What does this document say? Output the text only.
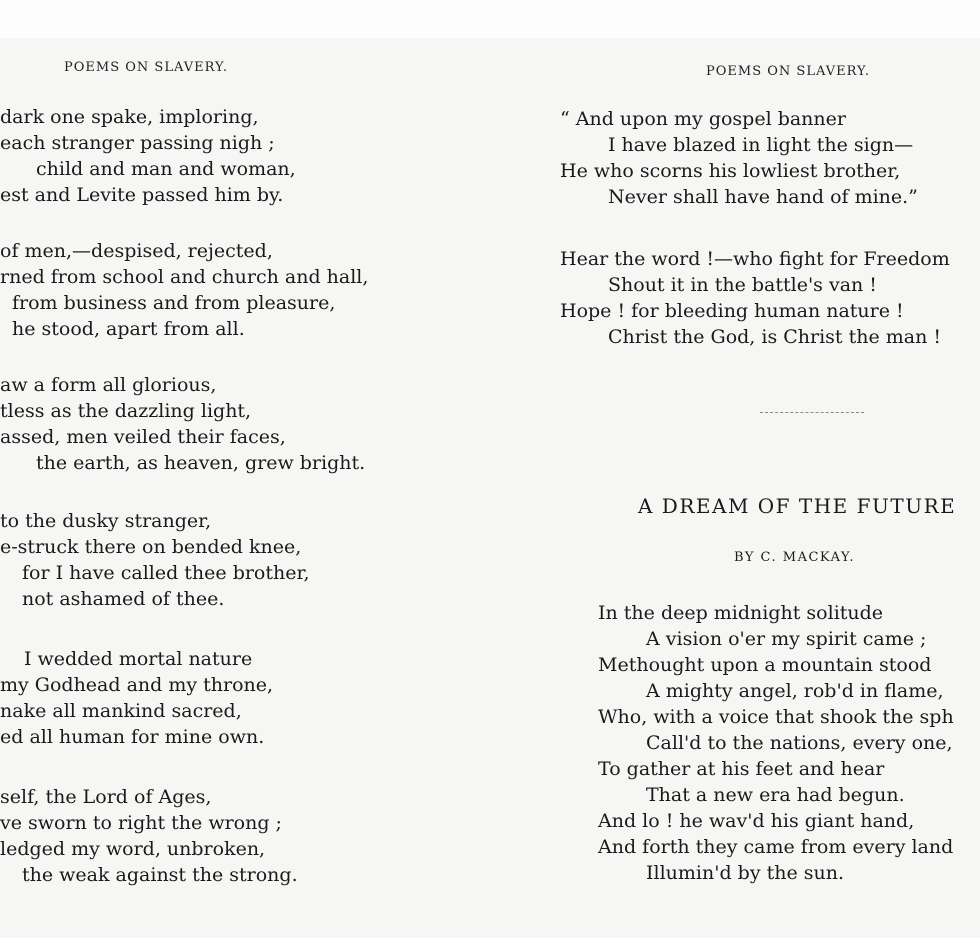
POEMS ON SLAVERY.
dark one spake, imploring,
each stranger passing nigh ;
child and man and woman,
est and Levite passed him by.
of men,—despised, rejected,
rned from school and church and hall,
from business and from pleasure,
he stood, apart from all.
aw a form all glorious,
tless as the dazzling light,
assed, men veiled their faces,
the earth, as heaven, grew bright.
to the dusky stranger,
e-struck there on bended knee,
for I have called thee brother,
not ashamed of thee.
I wedded mortal nature
my Godhead and my throne,
nake all mankind sacred,
ed all human for mine own.
self, the Lord of Ages,
ve sworn to right the wrong ;
ledged my word, unbroken,
the weak against the strong.
POEMS ON SLAVERY.
“ And upon my gospel banner
I have blazed in light the sign—
He who scorns his lowliest brother,
Never shall have hand of mine.”
Hear the word !—who fight for Freedom
Shout it in the battle's van !
Hope ! for bleeding human nature !
Christ the God, is Christ the man !
A DREAM OF THE FUTURE
BY C. MACKAY.
In the deep midnight solitude
A vision o'er my spirit came ;
Methought upon a mountain stood
A mighty angel, rob'd in flame,
Who, with a voice that shook the sph
Call'd to the nations, every one,
To gather at his feet and hear
That a new era had begun.
And lo ! he wav'd his giant hand,
And forth they came from every land
Illumin'd by the sun.
